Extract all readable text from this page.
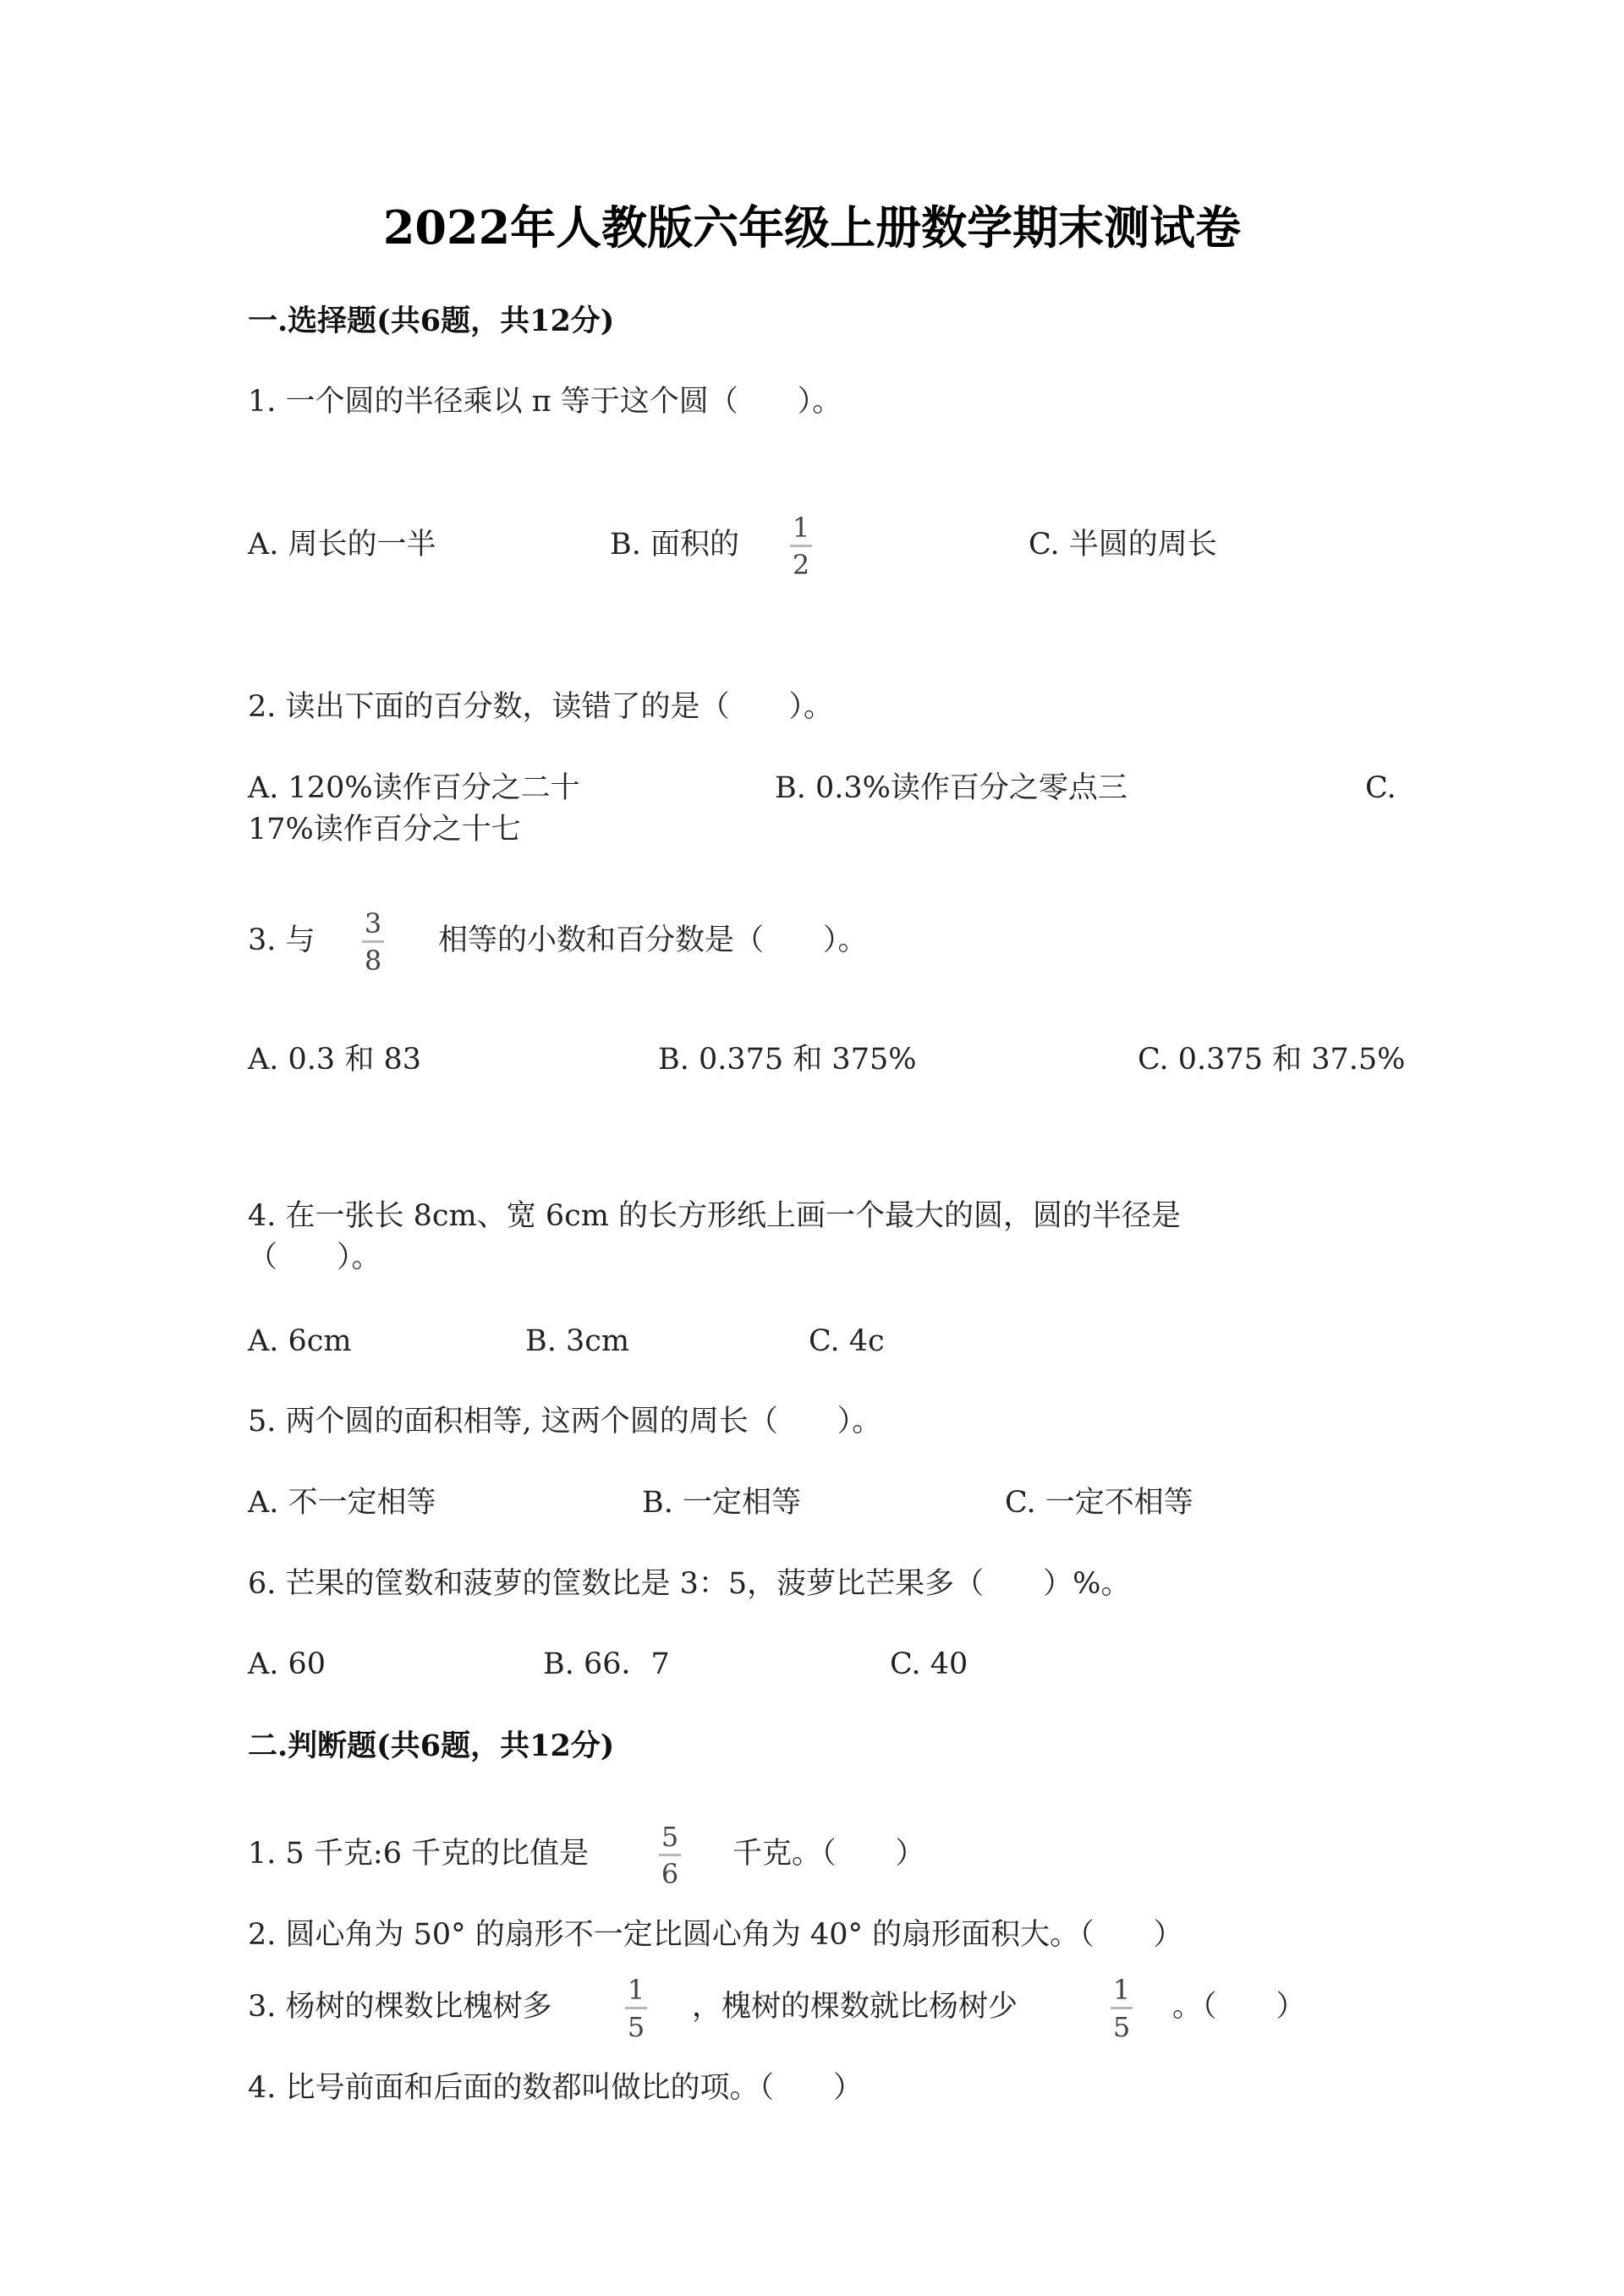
2022年人教版六年级上册数学期末测试卷
一.选择题(共6题，共12分)
1. 一个圆的半径乘以 π 等于这个圆（　　）。
A. 周长的一半	B. 面积的 1
2
C. 半圆的周长
2. 读出下面的百分数，读错了的是（　　）。
A. 120%读作百分之二十	B. 0.3%读作百分之零点三	C.
17%读作百分之十七
3. 与 3
8
相等的小数和百分数是（　　）。
A. 0.3 和 83	B. 0.375 和 375%	C. 0.375 和 37.5%
4. 在一张长 8cm、宽 6cm 的长方形纸上画一个最大的圆，圆的半径是
（　　）。
A. 6cm	B. 3cm	C. 4c
5. 两个圆的面积相等, 这两个圆的周长（　　）。
A. 不一定相等	B. 一定相等	C. 一定不相等
6. 芒果的筐数和菠萝的筐数比是 3：5，菠萝比芒果多（　　）%。
A. 60	B. 66．7	C. 40
二.判断题(共6题，共12分)
1. 5 千克:6 千克的比值是	5
6
千克。（　　）
2. 圆心角为 50° 的扇形不一定比圆心角为 40° 的扇形面积大。（　　）
3. 杨树的棵数比槐树多	1
5
，槐树的棵数就比杨树少	1
5
。（　　）
4. 比号前面和后面的数都叫做比的项。（　　）
